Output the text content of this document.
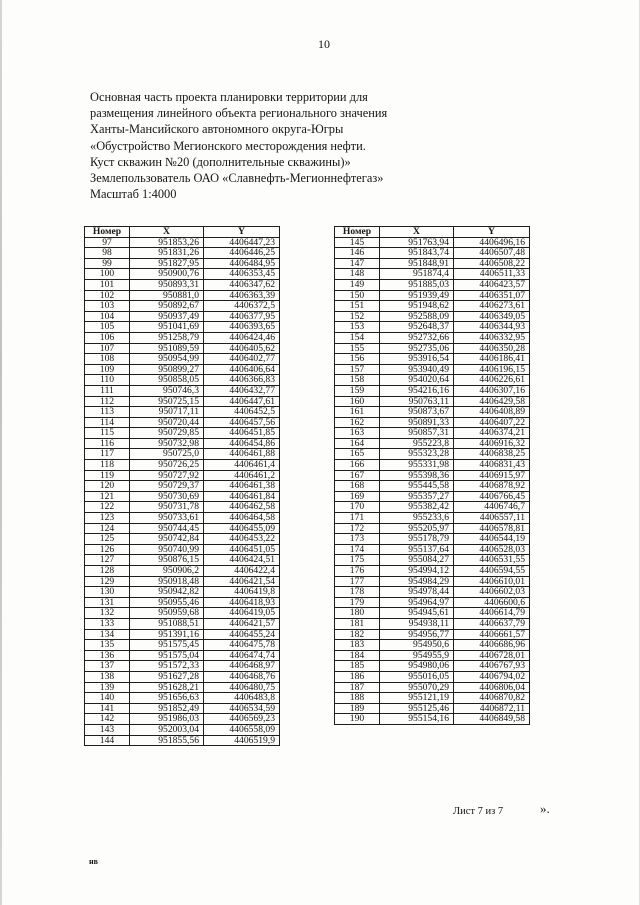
10
Основная часть проекта планировки территории для
размещения линейного объекта регионального значения
Ханты-Мансийского автономного округа-Югры
«Обустройство Мегионского месторождения нефти.
Куст скважин №20 (дополнительные скважины)»
Землепользователь ОАО «Славнефть-Мегионнефтегаз»
Масштаб 1:4000
Номер	X	Y
97	951853,26	4406447,23
98	951831,26	4406446,25
99	951827,95	4406484,95
100	950900,76	4406353,45
101	950893,31	4406347,62
102	950881,0	4406363,39
103	950892,67	4406372,5
104	950937,49	4406377,95
105	951041,69	4406393,65
106	951258,79	4406424,46
107	951089,59	4406405,62
108	950954,99	4406402,77
109	950899,27	4406406,64
110	950858,05	4406366,83
111	950746,3	4406432,77
112	950725,15	4406447,61
113	950717,11	4406452,5
114	950720,44	4406457,56
115	950729,85	4406451,85
116	950732,98	4406454,86
117	950725,0	4406461,88
118	950726,25	4406461,4
119	950727,92	4406461,2
120	950729,37	4406461,38
121	950730,69	4406461,84
122	950731,78	4406462,58
123	950733,61	4406464,58
124	950744,45	4406455,09
125	950742,84	4406453,22
126	950740,99	4406451,05
127	950876,15	4406424,51
128	950906,2	4406422,4
129	950918,48	4406421,54
130	950942,82	4406419,8
131	950955,46	4406418,93
132	950959,68	4406419,05
133	951088,51	4406421,57
134	951391,16	4406455,24
135	951575,45	4406475,78
136	951575,04	4406474,74
137	951572,33	4406468,97
138	951627,28	4406468,76
139	951628,21	4406480,75
140	951656,63	4406483,8
141	951852,49	4406534,59
142	951986,03	4406569,23
143	952003,04	4406558,09
144	951855,56	4406519,9
Номер	X	Y
145	951763,94	4406496,16
146	951843,74	4406507,48
147	951848,91	4406508,22
148	951874,4	4406511,33
149	951885,03	4406423,57
150	951939,49	4406351,07
151	951948,62	4406273,61
152	952588,09	4406349,05
153	952648,37	4406344,93
154	952732,66	4406332,95
155	952735,06	4406350,28
156	953916,54	4406186,41
157	953940,49	4406196,15
158	954020,64	4406226,61
159	954216,16	4406307,16
160	950763,11	4406429,58
161	950873,67	4406408,89
162	950891,33	4406407,22
163	950857,31	4406374,21
164	955223,8	4406916,32
165	955323,28	4406838,25
166	955331,98	4406831,43
167	955398,36	4406915,97
168	955445,58	4406878,92
169	955357,27	4406766,45
170	955382,42	4406746,7
171	955233,6	4406557,11
172	955205,97	4406578,81
173	955178,79	4406544,19
174	955137,64	4406528,03
175	955084,27	4406531,55
176	954994,12	4406594,55
177	954984,29	4406610,01
178	954978,44	4406602,03
179	954964,97	4406600,6
180	954945,61	4406614,79
181	954938,11	4406637,79
182	954956,77	4406661,57
183	954950,6	4406686,96
184	954955,9	4406728,01
185	954980,06	4406767,93
186	955016,05	4406794,02
187	955070,29	4406806,04
188	955121,19	4406870,82
189	955125,46	4406872,11
190	955154,16	4406849,58
Лист 7 из 7	».
нв
